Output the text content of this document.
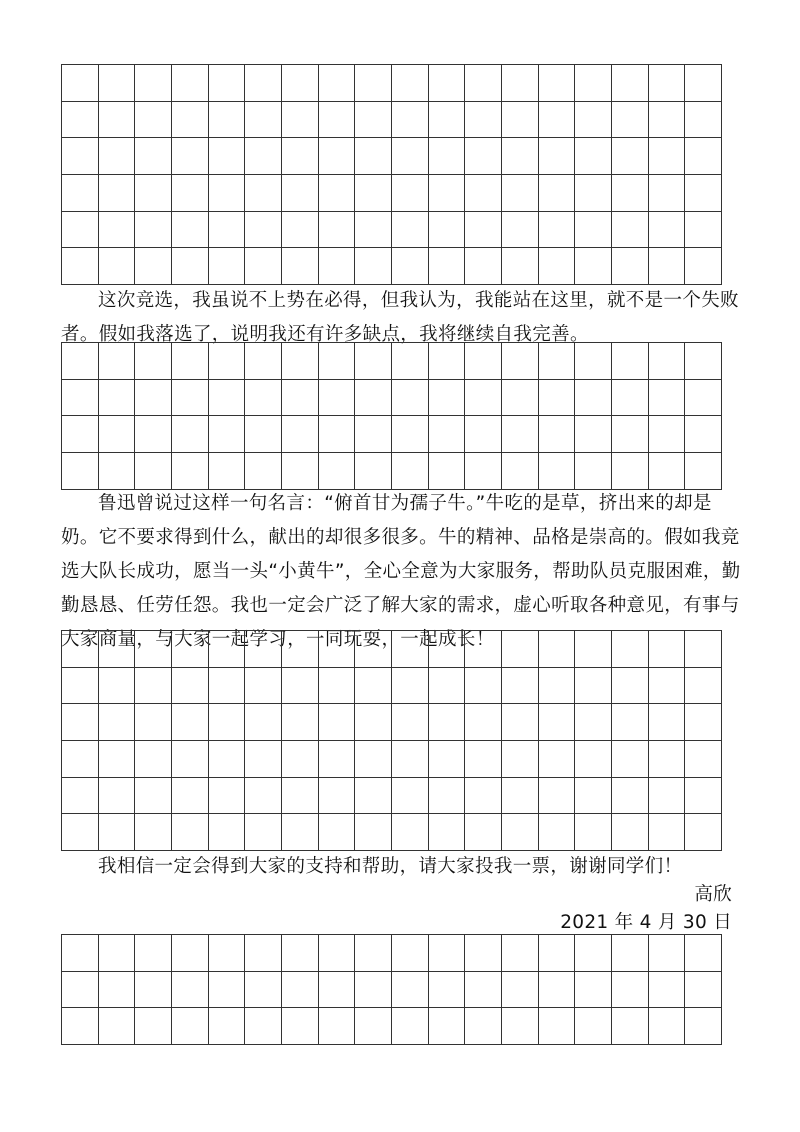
这次竞选，我虽说不上势在必得，但我认为，我能站在这里，就不是一个失败者。假如我落选了，说明我还有许多缺点，我将继续自我完善。

鲁迅曾说过这样一句名言：“俯首甘为孺子牛。”牛吃的是草，挤出来的却是奶。它不要求得到什么，献出的却很多很多。牛的精神、品格是崇高的。假如我竞选大队长成功，愿当一头“小黄牛”，全心全意为大家服务，帮助队员克服困难，勤勤恳恳、任劳任怨。我也一定会广泛了解大家的需求，虚心听取各种意见，有事与大家商量，与大家一起学习，一同玩耍，一起成长！

我相信一定会得到大家的支持和帮助，请大家投我一票，谢谢同学们！

高欣
2021 年 4 月 30 日
